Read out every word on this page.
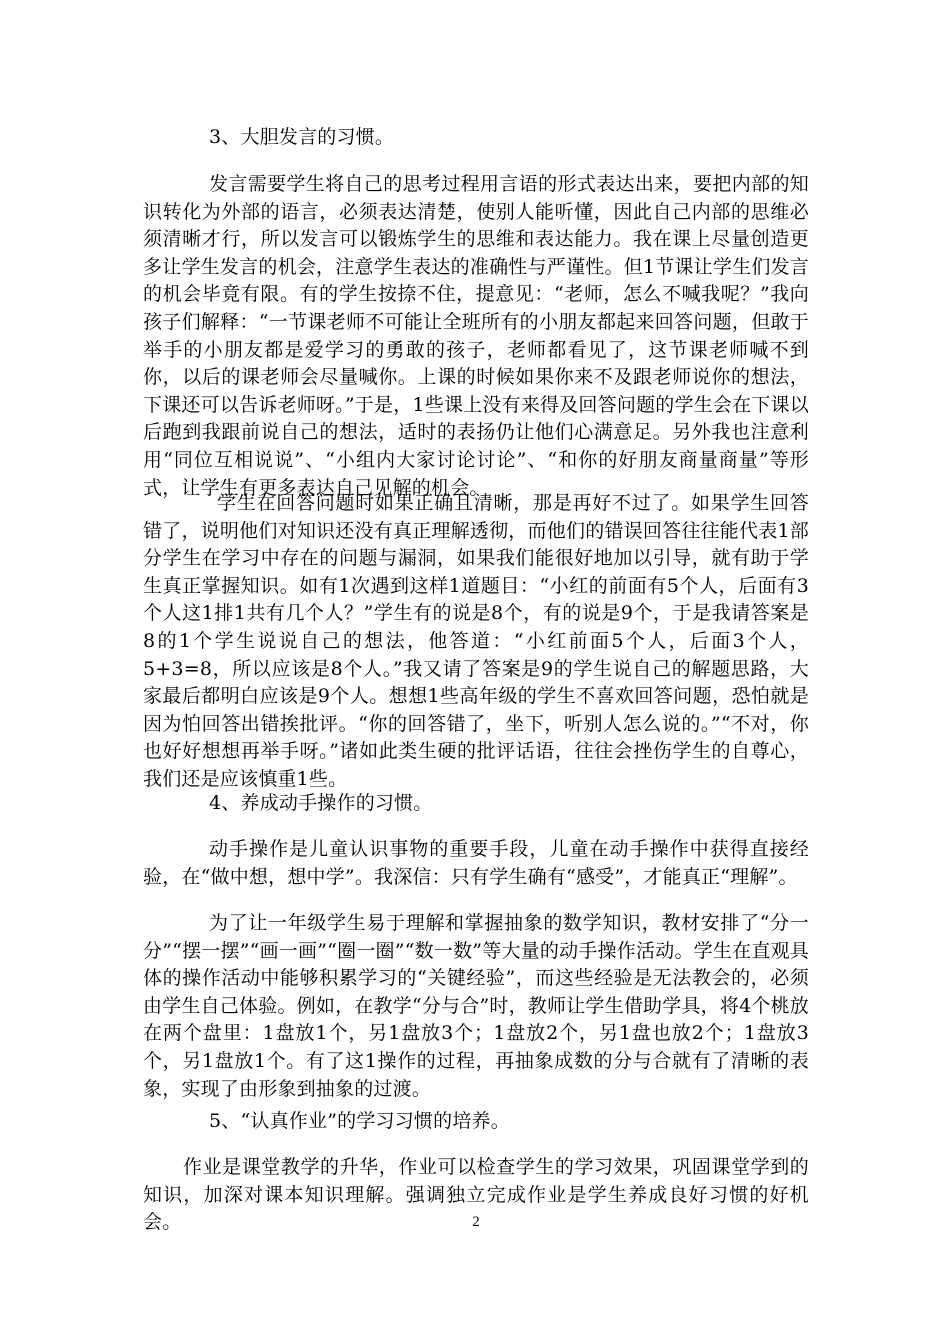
3、大胆发言的习惯。

发言需要学生将自己的思考过程用言语的形式表达出来，要把内部的知识转化为外部的语言，必须表达清楚，使别人能听懂，因此自己内部的思维必须清晰才行，所以发言可以锻炼学生的思维和表达能力。我在课上尽量创造更多让学生发言的机会，注意学生表达的准确性与严谨性。但1节课让学生们发言的机会毕竟有限。有的学生按捺不住，提意见：“老师，怎么不喊我呢？”我向孩子们解释：“一节课老师不可能让全班所有的小朋友都起来回答问题，但敢于举手的小朋友都是爱学习的勇敢的孩子，老师都看见了，这节课老师喊不到你，以后的课老师会尽量喊你。上课的时候如果你来不及跟老师说你的想法，下课还可以告诉老师呀。”于是，1些课上没有来得及回答问题的学生会在下课以后跑到我跟前说自己的想法，适时的表扬仍让他们心满意足。另外我也注意利用“同位互相说说”、“小组内大家讨论讨论”、“和你的好朋友商量商量”等形式，让学生有更多表达自己见解的机会。

学生在回答问题时如果正确且清晰，那是再好不过了。如果学生回答错了，说明他们对知识还没有真正理解透彻，而他们的错误回答往往能代表1部分学生在学习中存在的问题与漏洞，如果我们能很好地加以引导，就有助于学生真正掌握知识。如有1次遇到这样1道题目：“小红的前面有5个人，后面有3个人这1排1共有几个人？”学生有的说是8个，有的说是9个，于是我请答案是8的1个学生说说自己的想法，他答道：“小红前面5个人，后面3个人，5+3=8，所以应该是8个人。”我又请了答案是9的学生说自己的解题思路，大家最后都明白应该是9个人。想想1些高年级的学生不喜欢回答问题，恐怕就是因为怕回答出错挨批评。“你的回答错了，坐下，听别人怎么说的。”“不对，你也好好想想再举手呀。”诸如此类生硬的批评话语，往往会挫伤学生的自尊心，我们还是应该慎重1些。

4、养成动手操作的习惯。

动手操作是儿童认识事物的重要手段，儿童在动手操作中获得直接经验，在“做中想，想中学”。我深信：只有学生确有“感受”，才能真正“理解”。

为了让一年级学生易于理解和掌握抽象的数学知识，教材安排了“分一分”“摆一摆”“画一画”“圈一圈”“数一数”等大量的动手操作活动。学生在直观具体的操作活动中能够积累学习的“关键经验”，而这些经验是无法教会的，必须由学生自己体验。例如，在教学“分与合”时，教师让学生借助学具，将4个桃放在两个盘里：1盘放1个，另1盘放3个；1盘放2个，另1盘也放2个；1盘放3个，另1盘放1个。有了这1操作的过程，再抽象成数的分与合就有了清晰的表象，实现了由形象到抽象的过渡。

5、“认真作业”的学习习惯的培养。

作业是课堂教学的升华，作业可以检查学生的学习效果，巩固课堂学到的知识，加深对课本知识理解。强调独立完成作业是学生养成良好习惯的好机会。	2
